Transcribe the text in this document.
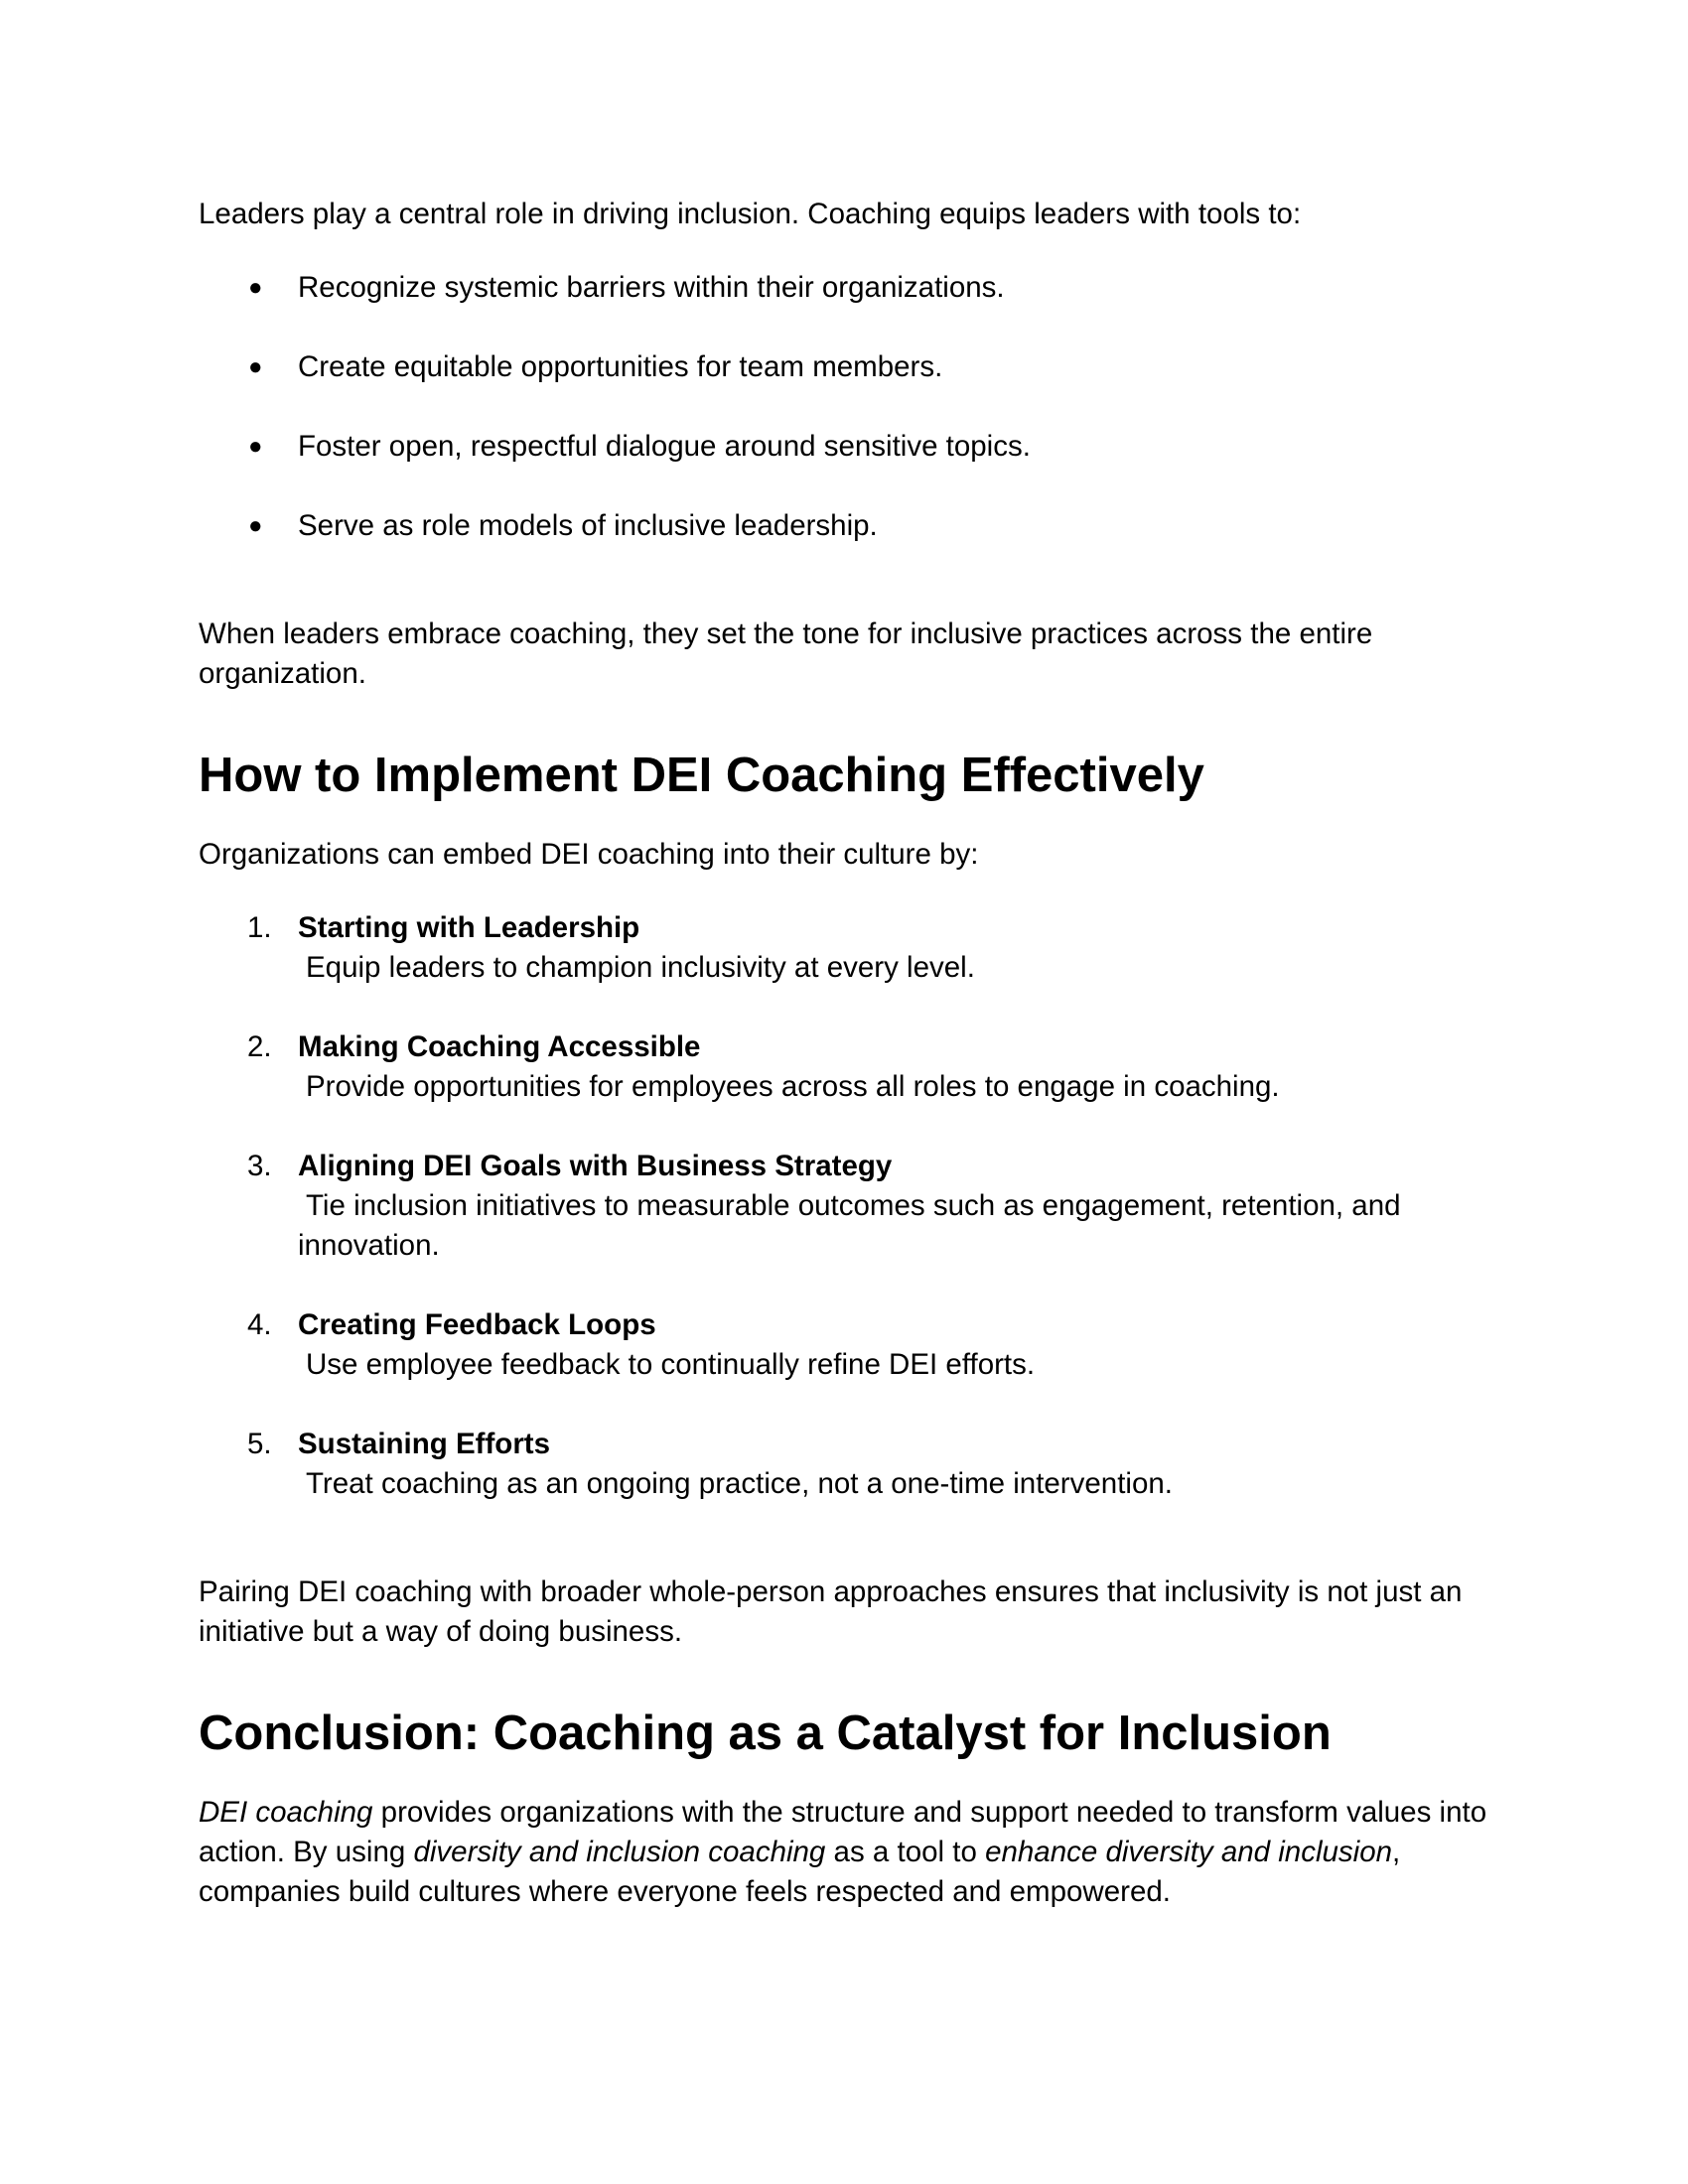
Leaders play a central role in driving inclusion. Coaching equips leaders with tools to:

● Recognize systemic barriers within their organizations.
● Create equitable opportunities for team members.
● Foster open, respectful dialogue around sensitive topics.
● Serve as role models of inclusive leadership.

When leaders embrace coaching, they set the tone for inclusive practices across the entire organization.

How to Implement DEI Coaching Effectively

Organizations can embed DEI coaching into their culture by:

1. Starting with Leadership
Equip leaders to champion inclusivity at every level.
2. Making Coaching Accessible
Provide opportunities for employees across all roles to engage in coaching.
3. Aligning DEI Goals with Business Strategy
Tie inclusion initiatives to measurable outcomes such as engagement, retention, and innovation.
4. Creating Feedback Loops
Use employee feedback to continually refine DEI efforts.
5. Sustaining Efforts
Treat coaching as an ongoing practice, not a one-time intervention.

Pairing DEI coaching with broader whole-person approaches ensures that inclusivity is not just an initiative but a way of doing business.

Conclusion: Coaching as a Catalyst for Inclusion

DEI coaching provides organizations with the structure and support needed to transform values into action. By using diversity and inclusion coaching as a tool to enhance diversity and inclusion, companies build cultures where everyone feels respected and empowered.
